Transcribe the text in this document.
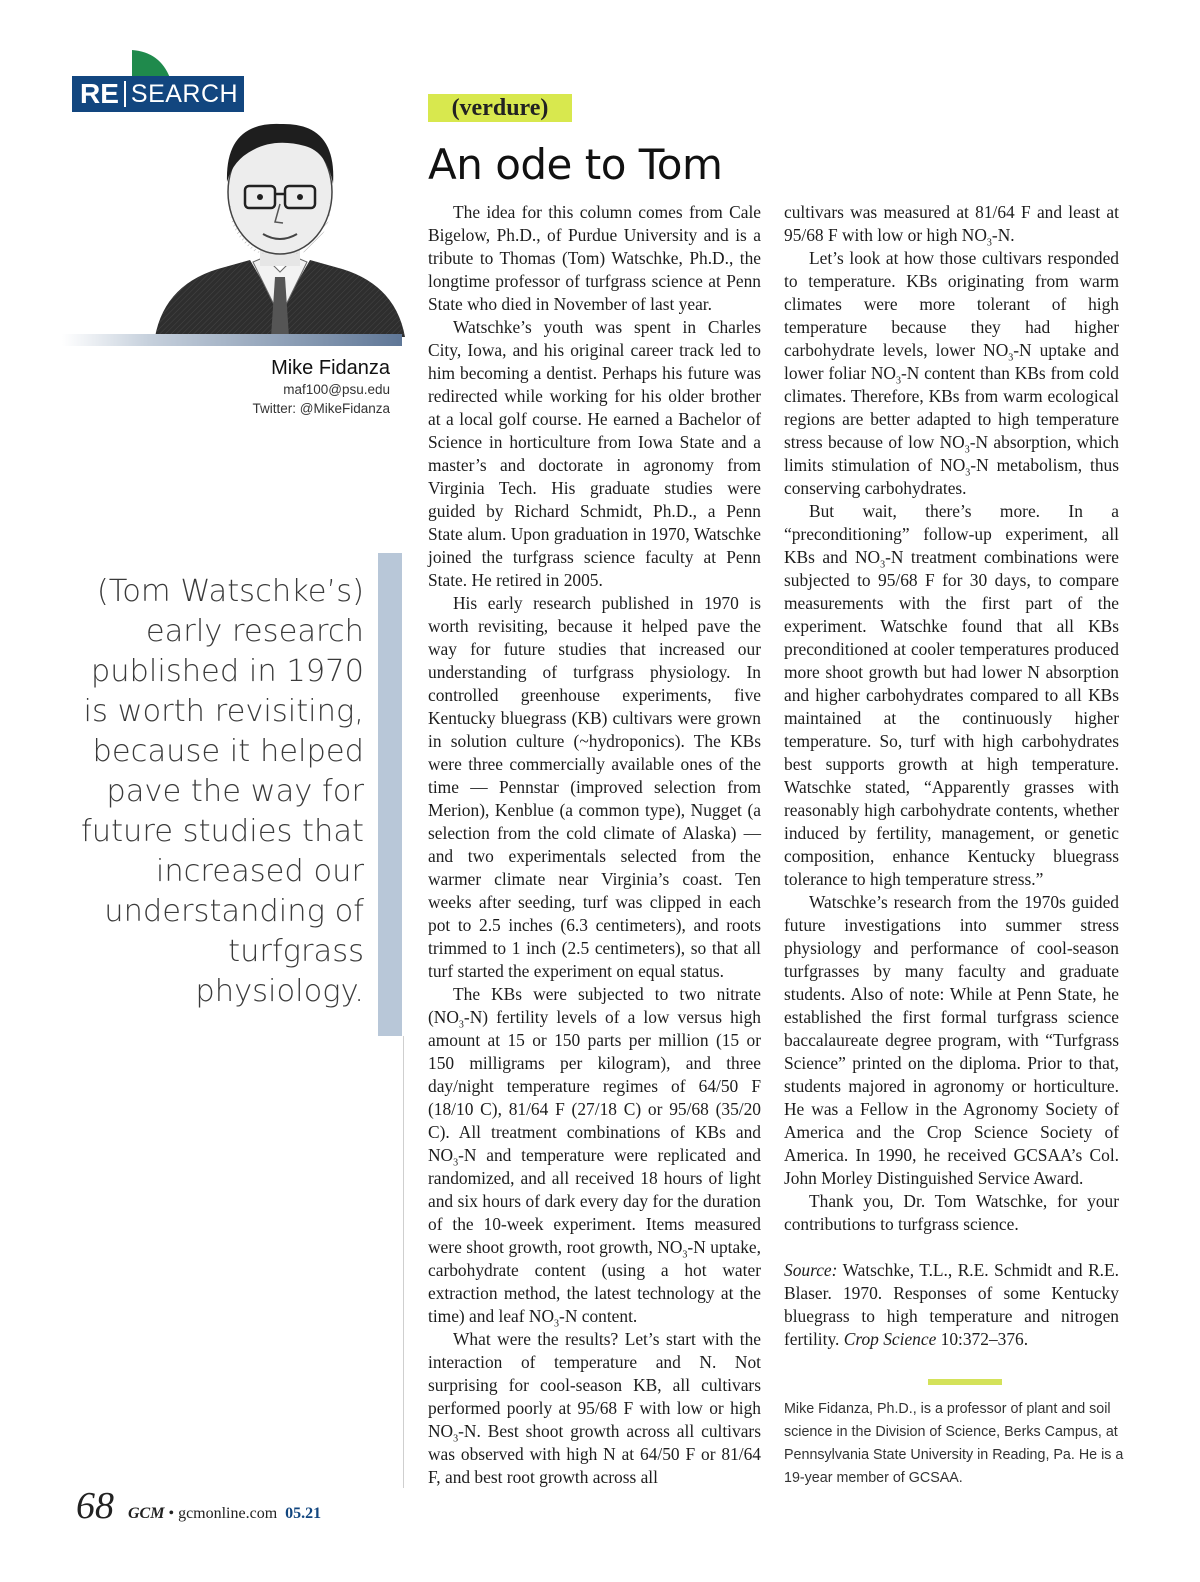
RE SEARCH
Mike Fidanza
maf100@psu.edu
Twitter: @MikeFidanza
(Tom Watschke’s) early research published in 1970 is worth revisiting, because it helped pave the way for future studies that increased our understanding of turfgrass physiology.
(verdure)
An ode to Tom

The idea for this column comes from Cale Bigelow, Ph.D., of Purdue University and is a tribute to Thomas (Tom) Watschke, Ph.D., the longtime professor of turfgrass science at Penn State who died in November of last year.

Watschke’s youth was spent in Charles City, Iowa, and his original career track led to him becoming a dentist. Perhaps his future was redirected while working for his older brother at a local golf course. He earned a Bachelor of Science in horticulture from Iowa State and a master’s and doctorate in agronomy from Virginia Tech. His graduate studies were guided by Richard Schmidt, Ph.D., a Penn State alum. Upon graduation in 1970, Watschke joined the turfgrass science faculty at Penn State. He retired in 2005.

His early research published in 1970 is worth revisiting, because it helped pave the way for future studies that increased our understanding of turfgrass physiology. In controlled greenhouse experiments, five Kentucky bluegrass (KB) cultivars were grown in solution culture (~hydroponics). The KBs were three commercially available ones of the time — Pennstar (improved selection from Merion), Kenblue (a common type), Nugget (a selection from the cold climate of Alaska) — and two experimentals selected from the warmer climate near Virginia’s coast. Ten weeks after seeding, turf was clipped in each pot to 2.5 inches (6.3 centimeters), and roots trimmed to 1 inch (2.5 centimeters), so that all turf started the experiment on equal status.

The KBs were subjected to two nitrate $(NO_3-N)$ fertility levels of a low versus high amount at 15 or 150 parts per million (15 or 150 milligrams per kilogram), and three day/night temperature regimes of 64/50 F (18/10 C), 81/64 F (27/18 C) or 95/68 (35/20 C). All treatment combinations of KBs and $NO_3-N$ and temperature were replicated and randomized, and all received 18 hours of light and six hours of dark every day for the duration of the 10-week experiment. Items measured were shoot growth, root growth, $NO_3-N$ uptake, carbohydrate content (using a hot water extraction method, the latest technology at the time) and leaf $NO_3-N$ content.

What were the results? Let’s start with the interaction of temperature and N. Not surprising for cool-season KB, all cultivars performed poorly at 95/68 F with low or high $NO_3-N$. Best shoot growth across all cultivars was observed with high N at 64/50 F or 81/64 F, and best root growth across all

cultivars was measured at 81/64 F and least at 95/68 F with low or high $NO_3-N$.

Let’s look at how those cultivars responded to temperature. KBs originating from warm climates were more tolerant of high temperature because they had higher carbohydrate levels, lower $NO_3-N$ uptake and lower foliar $NO_3-N$ content than KBs from cold climates. Therefore, KBs from warm ecological regions are better adapted to high temperature stress because of low $NO_3-N$ absorption, which limits stimulation of $NO_3-N$ metabolism, thus conserving carbohydrates.

But wait, there’s more. In a “preconditioning” follow-up experiment, all KBs and $NO_3-N$ treatment combinations were subjected to 95/68 F for 30 days, to compare measurements with the first part of the experiment. Watschke found that all KBs preconditioned at cooler temperatures produced more shoot growth but had lower N absorption and higher carbohydrates compared to all KBs maintained at the continuously higher temperature. So, turf with high carbohydrates best supports growth at high temperature. Watschke stated, “Apparently grasses with reasonably high carbohydrate contents, whether induced by fertility, management, or genetic composition, enhance Kentucky bluegrass tolerance to high temperature stress.”

Watschke’s research from the 1970s guided future investigations into summer stress physiology and performance of cool-season turfgrasses by many faculty and graduate students. Also of note: While at Penn State, he established the first formal turfgrass science baccalaureate degree program, with “Turfgrass Science” printed on the diploma. Prior to that, students majored in agronomy or horticulture. He was a Fellow in the Agronomy Society of America and the Crop Science Society of America. In 1990, he received GCSAA’s Col. John Morley Distinguished Service Award.

Thank you, Dr. Tom Watschke, for your contributions to turfgrass science.

Source: Watschke, T.L., R.E. Schmidt and R.E. Blaser. 1970. Responses of some Kentucky bluegrass to high temperature and nitrogen fertility. Crop Science 10:372–376.

Mike Fidanza, Ph.D., is a professor of plant and soil science in the Division of Science, Berks Campus, at Pennsylvania State University in Reading, Pa. He is a 19-year member of GCSAA.
68 GCM • gcmonline.com 05.21
